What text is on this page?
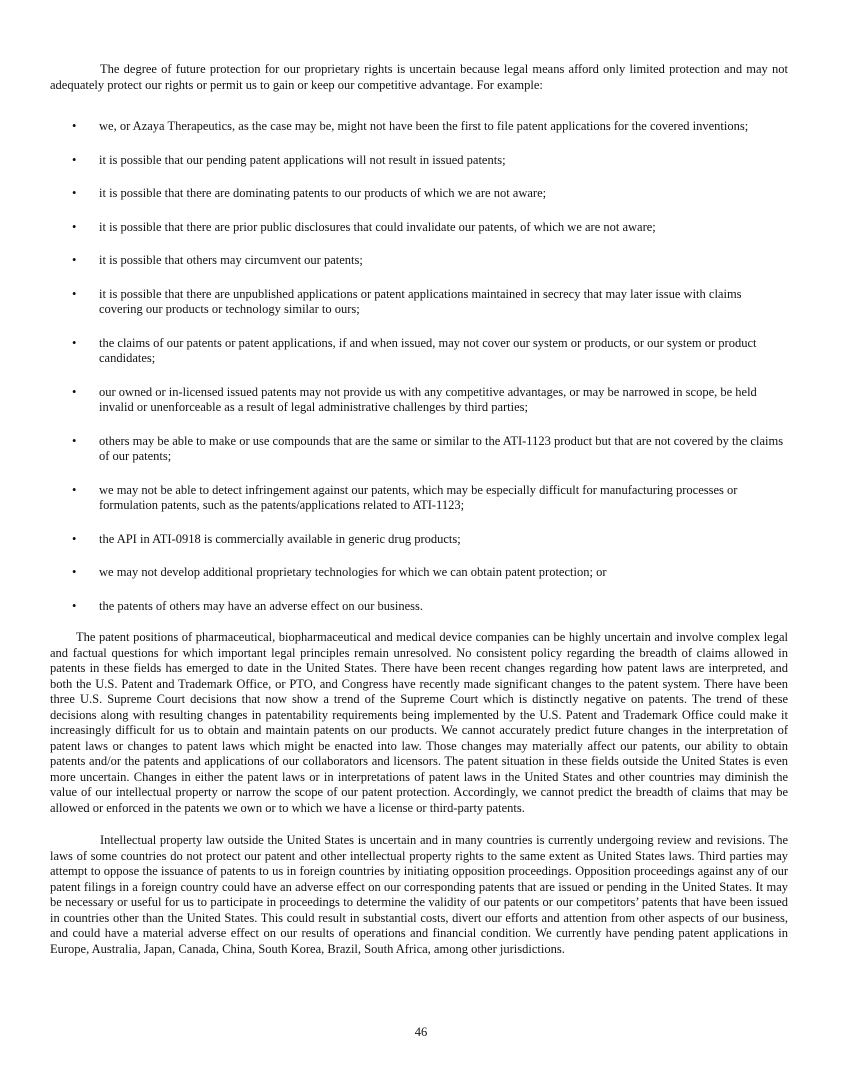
The degree of future protection for our proprietary rights is uncertain because legal means afford only limited protection and may not adequately protect our rights or permit us to gain or keep our competitive advantage. For example:

• we, or Azaya Therapeutics, as the case may be, might not have been the first to file patent applications for the covered inventions;
• it is possible that our pending patent applications will not result in issued patents;
• it is possible that there are dominating patents to our products of which we are not aware;
• it is possible that there are prior public disclosures that could invalidate our patents, of which we are not aware;
• it is possible that others may circumvent our patents;
• it is possible that there are unpublished applications or patent applications maintained in secrecy that may later issue with claims covering our products or technology similar to ours;
• the claims of our patents or patent applications, if and when issued, may not cover our system or products, or our system or product candidates;
• our owned or in-licensed issued patents may not provide us with any competitive advantages, or may be narrowed in scope, be held invalid or unenforceable as a result of legal administrative challenges by third parties;
• others may be able to make or use compounds that are the same or similar to the ATI-1123 product but that are not covered by the claims of our patents;
• we may not be able to detect infringement against our patents, which may be especially difficult for manufacturing processes or formulation patents, such as the patents/applications related to ATI-1123;
• the API in ATI-0918 is commercially available in generic drug products;
• we may not develop additional proprietary technologies for which we can obtain patent protection; or
• the patents of others may have an adverse effect on our business.

The patent positions of pharmaceutical, biopharmaceutical and medical device companies can be highly uncertain and involve complex legal and factual questions for which important legal principles remain unresolved. No consistent policy regarding the breadth of claims allowed in patents in these fields has emerged to date in the United States. There have been recent changes regarding how patent laws are interpreted, and both the U.S. Patent and Trademark Office, or PTO, and Congress have recently made significant changes to the patent system. There have been three U.S. Supreme Court decisions that now show a trend of the Supreme Court which is distinctly negative on patents. The trend of these decisions along with resulting changes in patentability requirements being implemented by the U.S. Patent and Trademark Office could make it increasingly difficult for us to obtain and maintain patents on our products. We cannot accurately predict future changes in the interpretation of patent laws or changes to patent laws which might be enacted into law. Those changes may materially affect our patents, our ability to obtain patents and/or the patents and applications of our collaborators and licensors. The patent situation in these fields outside the United States is even more uncertain. Changes in either the patent laws or in interpretations of patent laws in the United States and other countries may diminish the value of our intellectual property or narrow the scope of our patent protection. Accordingly, we cannot predict the breadth of claims that may be allowed or enforced in the patents we own or to which we have a license or third-party patents.

Intellectual property law outside the United States is uncertain and in many countries is currently undergoing review and revisions. The laws of some countries do not protect our patent and other intellectual property rights to the same extent as United States laws. Third parties may attempt to oppose the issuance of patents to us in foreign countries by initiating opposition proceedings. Opposition proceedings against any of our patent filings in a foreign country could have an adverse effect on our corresponding patents that are issued or pending in the United States. It may be necessary or useful for us to participate in proceedings to determine the validity of our patents or our competitors’ patents that have been issued in countries other than the United States. This could result in substantial costs, divert our efforts and attention from other aspects of our business, and could have a material adverse effect on our results of operations and financial condition. We currently have pending patent applications in Europe, Australia, Japan, Canada, China, South Korea, Brazil, South Africa, among other jurisdictions.

46
